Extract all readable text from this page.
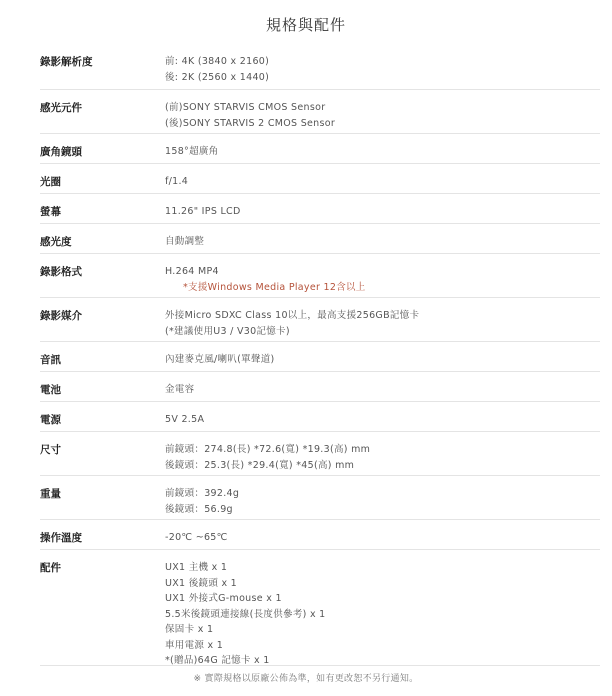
規格與配件
錄影解析度	前: 4K (3840 x 2160)
後: 2K (2560 x 1440)
感光元件	(前)SONY STARVIS CMOS Sensor
(後)SONY STARVIS 2 CMOS Sensor
廣角鏡頭	158°超廣角
光圈	f/1.4
螢幕	11.26" IPS LCD
感光度	自動調整
錄影格式	H.264 MP4
*支援Windows Media Player 12含以上
錄影媒介	外接Micro SDXC Class 10以上，最高支援256GB記憶卡
(*建議使用U3 / V30記憶卡)
音訊	內建麥克風/喇叭(單聲道)
電池	金電容
電源	5V 2.5A
尺寸	前鏡頭：274.8(長) *72.6(寬) *19.3(高) mm
後鏡頭：25.3(長) *29.4(寬) *45(高) mm
重量	前鏡頭：392.4g
後鏡頭：56.9g
操作溫度	-20℃ ~65℃
配件	UX1 主機 x 1
UX1 後鏡頭 x 1
UX1 外接式G-mouse x 1
5.5米後鏡頭連接線(長度供參考) x 1
保固卡 x 1
車用電源 x 1
*(贈品)64G 記憶卡 x 1
※ 實際規格以原廠公佈為準，如有更改恕不另行通知。
